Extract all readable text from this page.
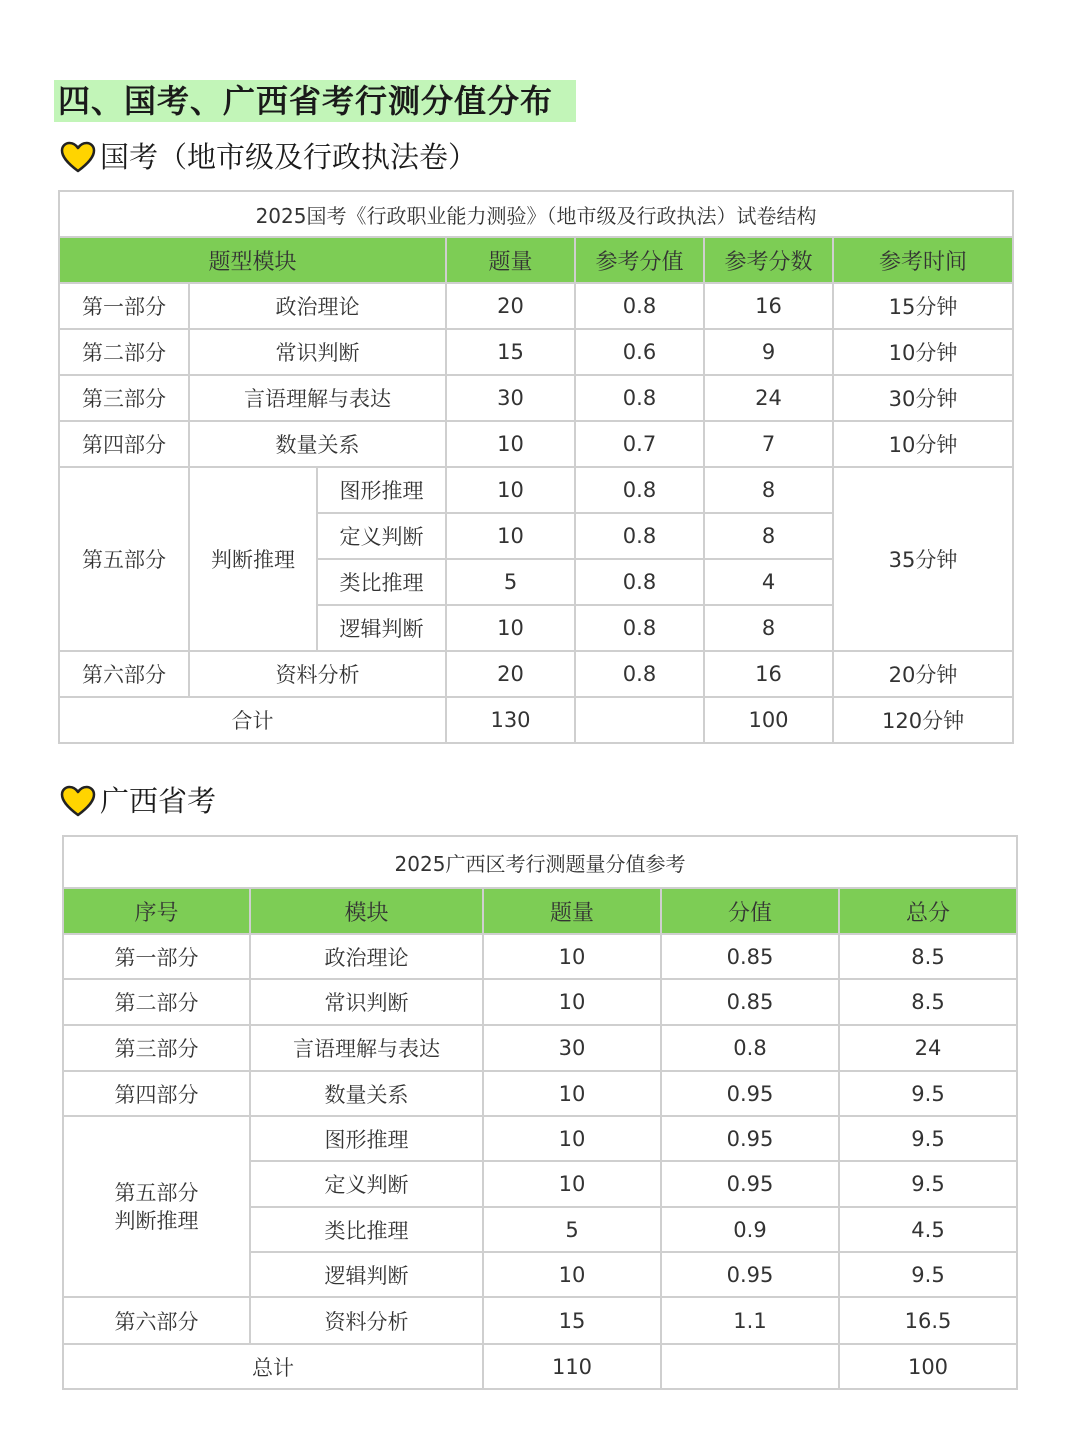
四、国考、广西省考行测分值分布
国考（地市级及行政执法卷）
2025国考《行政职业能力测验》（地市级及行政执法）试卷结构						
题型模块			题量	参考分值	参考分数	参考时间
第一部分	政治理论		20	0.8	16	15分钟
第二部分	常识判断		15	0.6	9	10分钟
第三部分	言语理解与表达		30	0.8	24	30分钟
第四部分	数量关系		10	0.7	7	10分钟
第五部分	判断推理	图形推理	10	0.8	8	35分钟
		定义判断	10	0.8	8	
		类比推理	5	0.8	4	
		逻辑判断	10	0.8	8	
第六部分	资料分析		20	0.8	16	20分钟
合计			130		100	120分钟
广西省考
2025广西区考行测题量分值参考				
序号	模块	题量	分值	总分
第一部分	政治理论	10	0.85	8.5
第二部分	常识判断	10	0.85	8.5
第三部分	言语理解与表达	30	0.8	24
第四部分	数量关系	10	0.95	9.5

第五部分
判断推理	图形推理	10	0.95	9.5
	定义判断	10	0.95	9.5
	类比推理	5	0.9	4.5
	逻辑判断	10	0.95	9.5
第六部分	资料分析	15	1.1	16.5
总计		110		100
